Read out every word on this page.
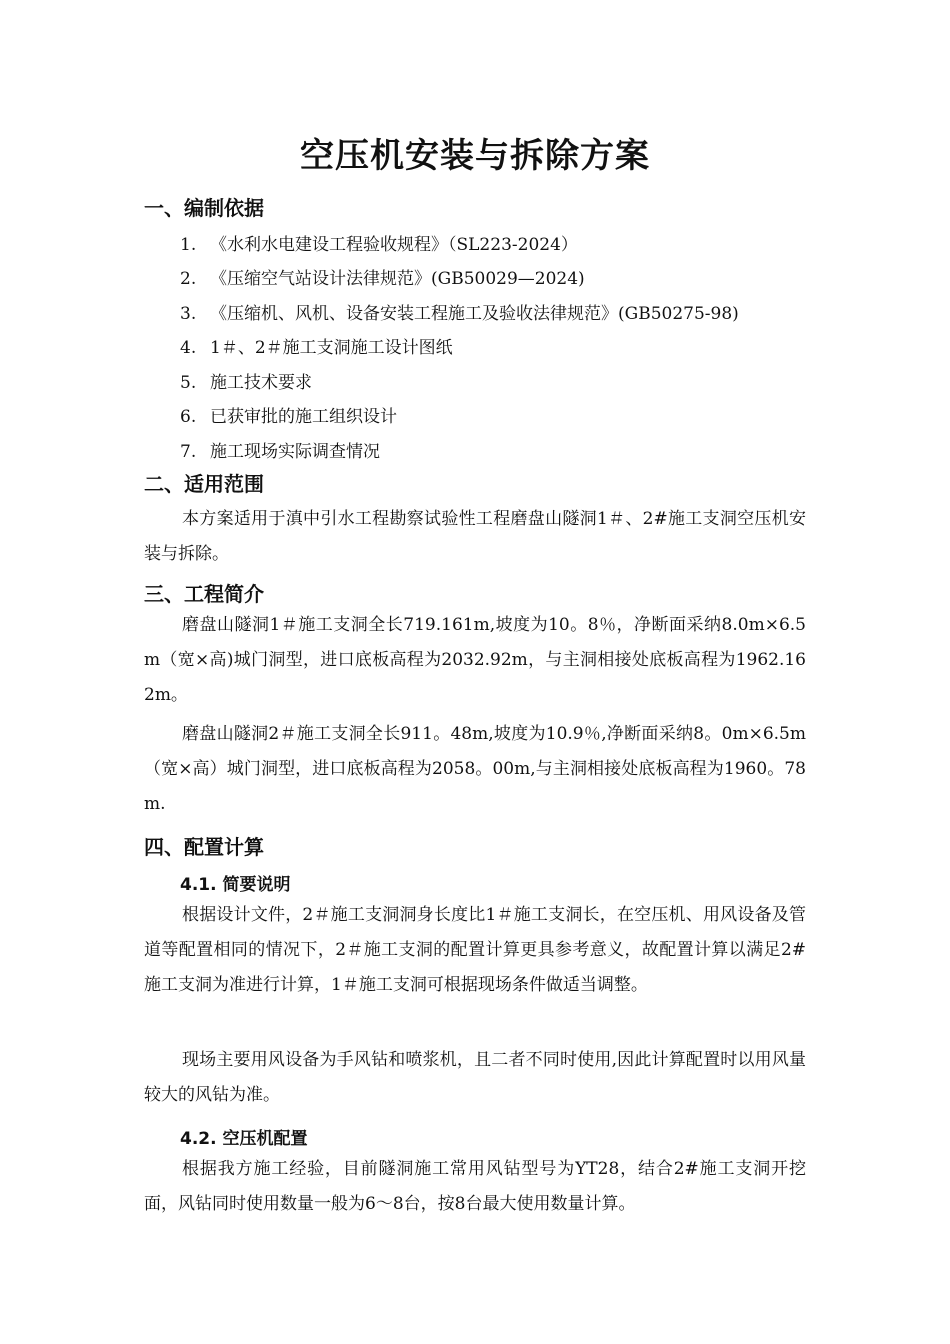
空压机安装与拆除方案
一、编制依据
1. 《水利水电建设工程验收规程》（SL223-2024）
2. 《压缩空气站设计法律规范》(GB50029—2024)
3. 《压缩机、风机、设备安装工程施工及验收法律规范》(GB50275-98)
4. 1＃、2＃施工支洞施工设计图纸
5. 施工技术要求
6. 已获审批的施工组织设计
7. 施工现场实际调查情况
二、适用范围
本方案适用于滇中引水工程勘察试验性工程磨盘山隧洞1＃、2#施工支洞空压机安装与拆除。
三、工程简介
磨盘山隧洞1＃施工支洞全长719.161m,坡度为10。8％，净断面采纳8.0m×6.5m（宽×高)城门洞型，进口底板高程为2032.92m，与主洞相接处底板高程为1962.162m。
磨盘山隧洞2＃施工支洞全长911。48m,坡度为10.9％,净断面采纳8。0m×6.5m（宽×高）城门洞型，进口底板高程为2058。00m,与主洞相接处底板高程为1960。78m.
四、配置计算
4.1. 简要说明
根据设计文件，2＃施工支洞洞身长度比1＃施工支洞长，在空压机、用风设备及管道等配置相同的情况下，2＃施工支洞的配置计算更具参考意义，故配置计算以满足2#施工支洞为准进行计算，1＃施工支洞可根据现场条件做适当调整。
现场主要用风设备为手风钻和喷浆机，且二者不同时使用,因此计算配置时以用风量较大的风钻为准。
4.2. 空压机配置
根据我方施工经验，目前隧洞施工常用风钻型号为YT28，结合2#施工支洞开挖面，风钻同时使用数量一般为6～8台，按8台最大使用数量计算。
